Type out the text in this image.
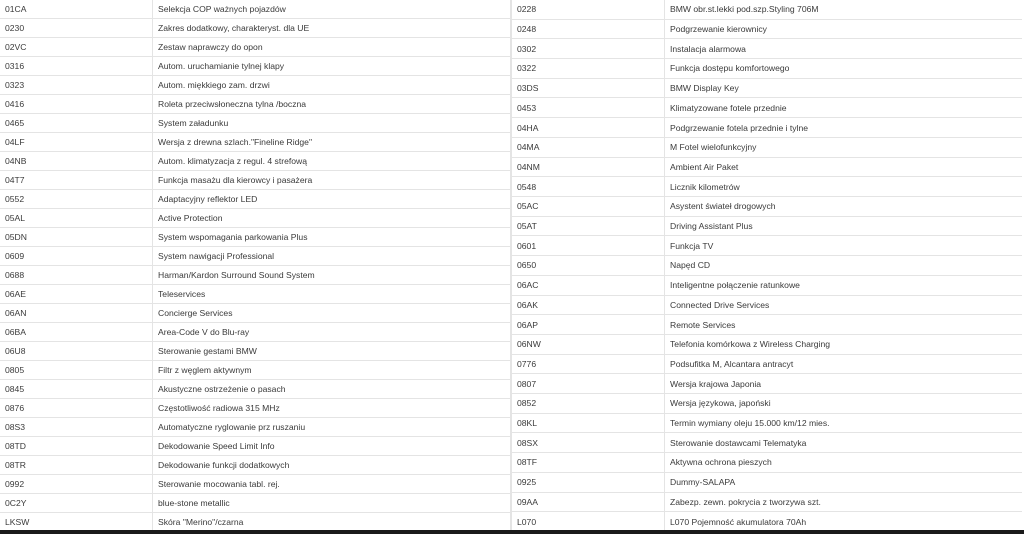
01CA	Selekcja COP ważnych pojazdów
0230	Zakres dodatkowy, charakteryst. dla UE
02VC	Zestaw naprawczy do opon
0316	Autom. uruchamianie tylnej klapy
0323	Autom. miękkiego zam. drzwi
0416	Roleta przeciwsłoneczna tylna /boczna
0465	System załadunku
04LF	Wersja z drewna szlach."Fineline Ridge"
04NB	Autom. klimatyzacja z regul. 4 strefową
04T7	Funkcja masażu dla kierowcy i pasażera
0552	Adaptacyjny reflektor LED
05AL	Active Protection
05DN	System wspomagania parkowania Plus
0609	System nawigacji Professional
0688	Harman/Kardon Surround Sound System
06AE	Teleservices
06AN	Concierge Services
06BA	Area-Code V do Blu-ray
06U8	Sterowanie gestami BMW
0805	Filtr z węglem aktywnym
0845	Akustyczne ostrzeżenie o pasach
0876	Częstotliwość radiowa 315 MHz
08S3	Automatyczne ryglowanie prz ruszaniu
08TD	Dekodowanie Speed Limit Info
08TR	Dekodowanie funkcji dodatkowych
0992	Sterowanie mocowania tabl. rej.
0C2Y	blue-stone metallic
LKSW	Skóra "Merino"/czarna
0228	BMW obr.st.lekki pod.szp.Styling 706M
0248	Podgrzewanie kierownicy
0302	Instalacja alarmowa
0322	Funkcja dostępu komfortowego
03DS	BMW Display Key
0453	Klimatyzowane fotele przednie
04HA	Podgrzewanie fotela przednie i tylne
04MA	M Fotel wielofunkcyjny
04NM	Ambient Air Paket
0548	Licznik kilometrów
05AC	Asystent świateł drogowych
05AT	Driving Assistant Plus
0601	Funkcja TV
0650	Napęd CD
06AC	Inteligentne połączenie ratunkowe
06AK	Connected Drive Services
06AP	Remote Services
06NW	Telefonia komórkowa z Wireless Charging
0776	Podsufitka M, Alcantara antracyt
0807	Wersja krajowa Japonia
0852	Wersja językowa, japoński
08KL	Termin wymiany oleju 15.000 km/12 mies.
08SX	Sterowanie dostawcami Telematyka
08TF	Aktywna ochrona pieszych
0925	Dummy-SALAPA
09AA	Zabezp. zewn. pokrycia z tworzywa szt.
L070	L070 Pojemność akumulatora 70Ah
